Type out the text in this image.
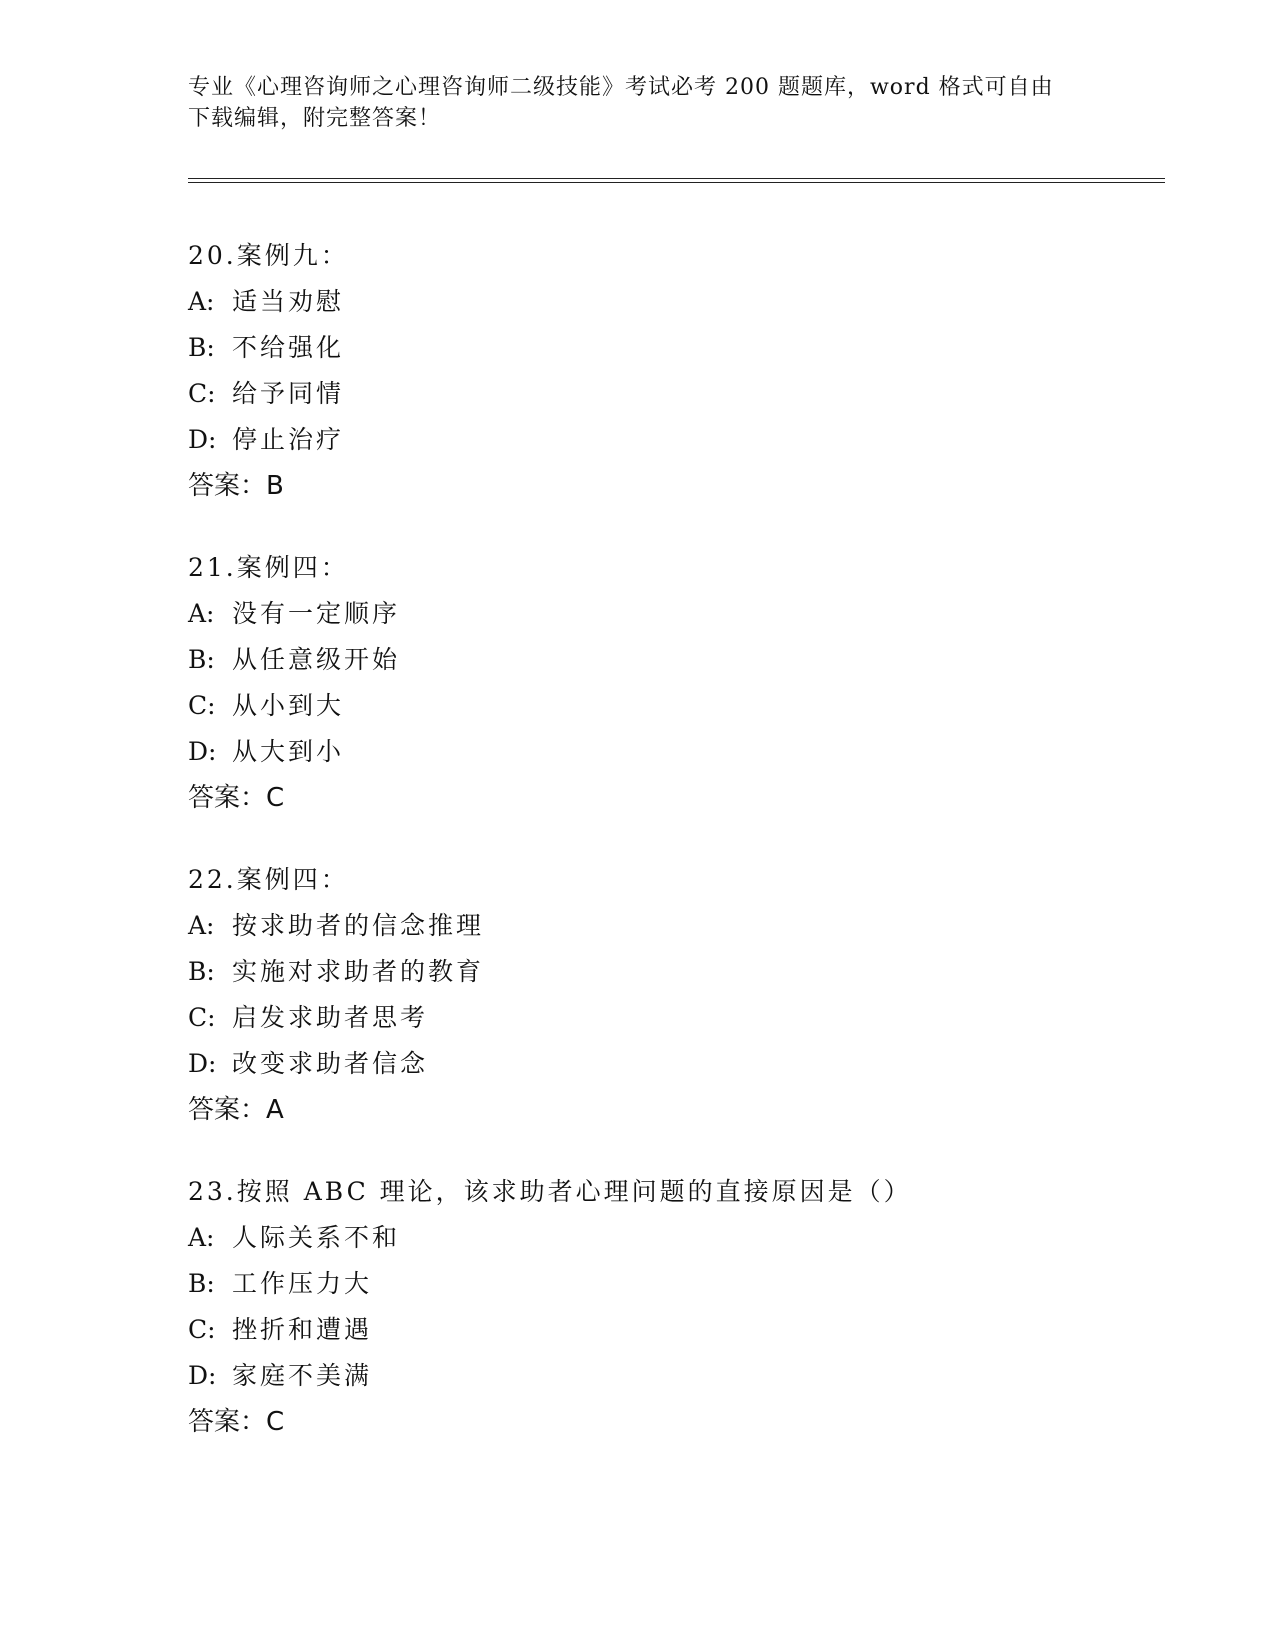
专业《心理咨询师之心理咨询师二级技能》考试必考 200 题题库，word 格式可自由下载编辑，附完整答案！
20.案例九：
A: 适当劝慰
B: 不给强化
C: 给予同情
D: 停止治疗
答案：B
21.案例四：
A: 没有一定顺序
B: 从任意级开始
C: 从小到大
D: 从大到小
答案：C
22.案例四：
A: 按求助者的信念推理
B: 实施对求助者的教育
C: 启发求助者思考
D: 改变求助者信念
答案：A
23.按照 ABC 理论，该求助者心理问题的直接原因是（）
A: 人际关系不和
B: 工作压力大
C: 挫折和遭遇
D: 家庭不美满
答案：C
